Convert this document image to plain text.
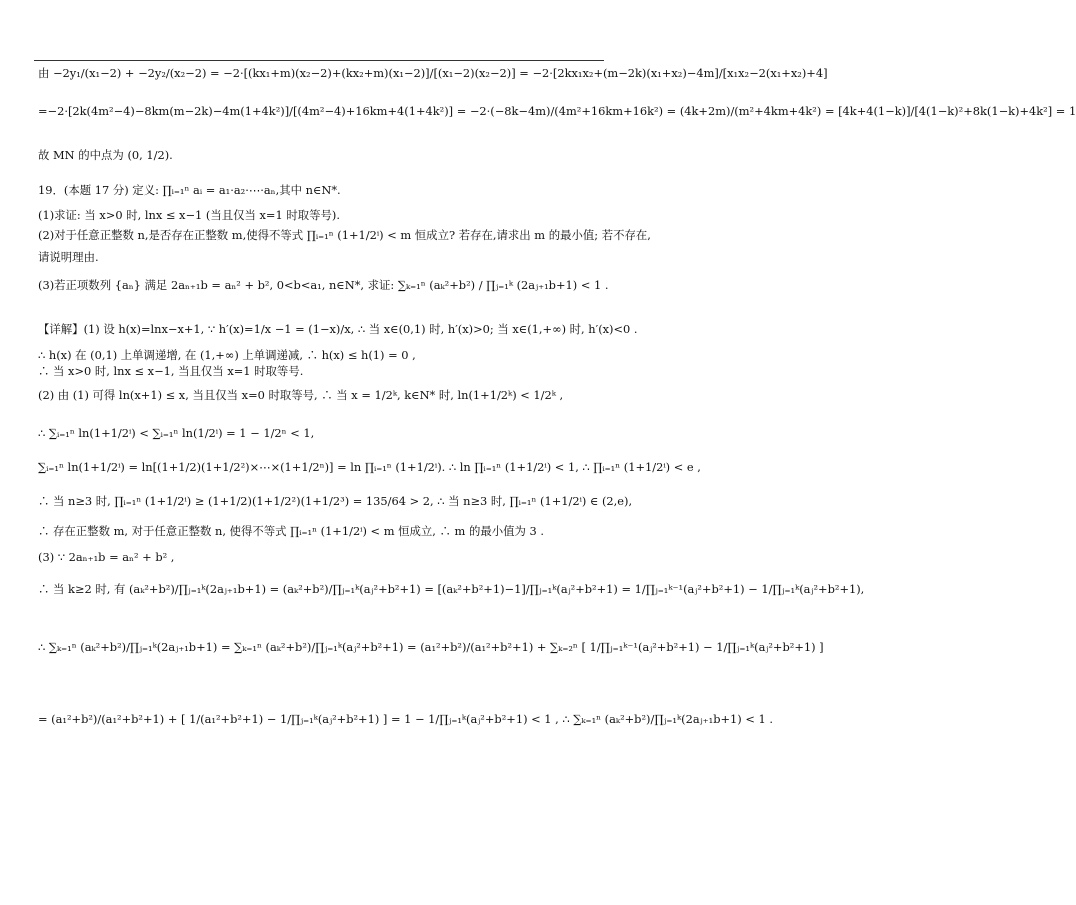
由 −2y₁/(x₁−2) + −2y₂/(x₂−2) = −2·[(kx₁+m)(x₂−2)+(kx₂+m)(x₁−2)]/[(x₁−2)(x₂−2)] = −2·[2kx₁x₂+(m−2k)(x₁+x₂)−4m]/[x₁x₂−2(x₁+x₂)+4]
=−2·[2k(4m²−4)−8km(m−2k)−4m(1+4k²)]/[(4m²−4)+16km+4(1+4k²)] = −2·(−8k−4m)/(4m²+16km+16k²) = (4k+2m)/(m²+4km+4k²) = [4k+4(1−k)]/[4(1−k)²+8k(1−k)+4k²] = 1
故 MN 的中点为 (0, 1/2).
19．(本题 17 分) 定义: ∏ᵢ₌₁ⁿ aᵢ = a₁·a₂·⋯·aₙ,其中 n∈N*.
(1)求证: 当 x>0 时, lnx ≤ x−1 (当且仅当 x=1 时取等号).
(2)对于任意正整数 n,是否存在正整数 m,使得不等式 ∏ᵢ₌₁ⁿ (1+1/2ⁱ) < m 恒成立? 若存在,请求出 m 的最小值; 若不存在,
请说明理由.
(3)若正项数列 {aₙ} 满足 2aₙ₊₁b = aₙ² + b², 0<b<a₁, n∈N*, 求证: ∑ₖ₌₁ⁿ (aₖ²+b²) / ∏ⱼ₌₁ᵏ (2aⱼ₊₁b+1) < 1 .
【详解】(1) 设 h(x)=lnx−x+1, ∵ h′(x)=1/x −1 = (1−x)/x, ∴ 当 x∈(0,1) 时, h′(x)>0; 当 x∈(1,+∞) 时, h′(x)<0 .
∴ h(x) 在 (0,1) 上单调递增, 在 (1,+∞) 上单调递减, ∴ h(x) ≤ h(1) = 0 ,
∴ 当 x>0 时, lnx ≤ x−1, 当且仅当 x=1 时取等号.
(2) 由 (1) 可得 ln(x+1) ≤ x, 当且仅当 x=0 时取等号, ∴ 当 x = 1/2ᵏ, k∈N* 时, ln(1+1/2ᵏ) < 1/2ᵏ ,
∴ ∑ᵢ₌₁ⁿ ln(1+1/2ⁱ) < ∑ᵢ₌₁ⁿ ln(1/2ⁱ) = 1 − 1/2ⁿ < 1,
∑ᵢ₌₁ⁿ ln(1+1/2ⁱ) = ln[(1+1/2)(1+1/2²)×⋯×(1+1/2ⁿ)] = ln ∏ᵢ₌₁ⁿ (1+1/2ⁱ). ∴ ln ∏ᵢ₌₁ⁿ (1+1/2ⁱ) < 1, ∴ ∏ᵢ₌₁ⁿ (1+1/2ⁱ) < e ,
∴ 当 n≥3 时, ∏ᵢ₌₁ⁿ (1+1/2ⁱ) ≥ (1+1/2)(1+1/2²)(1+1/2³) = 135/64 > 2, ∴ 当 n≥3 时, ∏ᵢ₌₁ⁿ (1+1/2ⁱ) ∈ (2,e),
∴ 存在正整数 m, 对于任意正整数 n, 使得不等式 ∏ᵢ₌₁ⁿ (1+1/2ⁱ) < m 恒成立, ∴ m 的最小值为 3 .
(3) ∵ 2aₙ₊₁b = aₙ² + b² ,
∴ 当 k≥2 时, 有 (aₖ²+b²)/∏ⱼ₌₁ᵏ(2aⱼ₊₁b+1) = (aₖ²+b²)/∏ⱼ₌₁ᵏ(aⱼ²+b²+1) = [(aₖ²+b²+1)−1]/∏ⱼ₌₁ᵏ(aⱼ²+b²+1) = 1/∏ⱼ₌₁ᵏ⁻¹(aⱼ²+b²+1) − 1/∏ⱼ₌₁ᵏ(aⱼ²+b²+1),
∴ ∑ₖ₌₁ⁿ (aₖ²+b²)/∏ⱼ₌₁ᵏ(2aⱼ₊₁b+1) = ∑ₖ₌₁ⁿ (aₖ²+b²)/∏ⱼ₌₁ᵏ(aⱼ²+b²+1) = (a₁²+b²)/(a₁²+b²+1) + ∑ₖ₌₂ⁿ [ 1/∏ⱼ₌₁ᵏ⁻¹(aⱼ²+b²+1) − 1/∏ⱼ₌₁ᵏ(aⱼ²+b²+1) ]
= (a₁²+b²)/(a₁²+b²+1) + [ 1/(a₁²+b²+1) − 1/∏ⱼ₌₁ᵏ(aⱼ²+b²+1) ] = 1 − 1/∏ⱼ₌₁ᵏ(aⱼ²+b²+1) < 1 , ∴ ∑ₖ₌₁ⁿ (aₖ²+b²)/∏ⱼ₌₁ᵏ(2aⱼ₊₁b+1) < 1 .
